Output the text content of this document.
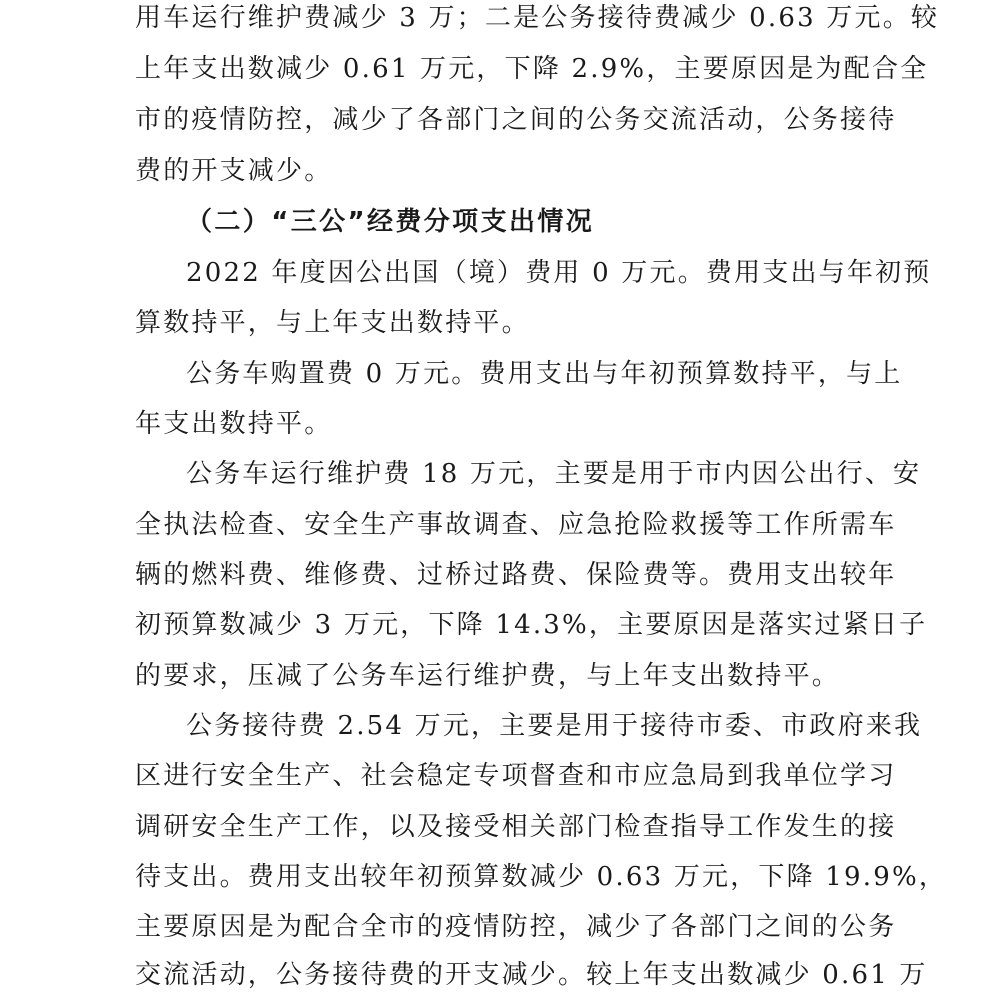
用车运行维护费减少 3 万；二是公务接待费减少 0.63 万元。较
上年支出数减少 0.61 万元，下降 2.9%，主要原因是为配合全
市的疫情防控，减少了各部门之间的公务交流活动，公务接待
费的开支减少。
（二）“三公”经费分项支出情况
2022 年度因公出国（境）费用 0 万元。费用支出与年初预
算数持平，与上年支出数持平。
公务车购置费 0 万元。费用支出与年初预算数持平，与上
年支出数持平。
公务车运行维护费 18 万元，主要是用于市内因公出行、安
全执法检查、安全生产事故调查、应急抢险救援等工作所需车
辆的燃料费、维修费、过桥过路费、保险费等。费用支出较年
初预算数减少 3 万元，下降 14.3%，主要原因是落实过紧日子
的要求，压减了公务车运行维护费，与上年支出数持平。
公务接待费 2.54 万元，主要是用于接待市委、市政府来我
区进行安全生产、社会稳定专项督查和市应急局到我单位学习
调研安全生产工作，以及接受相关部门检查指导工作发生的接
待支出。费用支出较年初预算数减少 0.63 万元，下降 19.9%，
主要原因是为配合全市的疫情防控，减少了各部门之间的公务
交流活动，公务接待费的开支减少。较上年支出数减少 0.61 万
